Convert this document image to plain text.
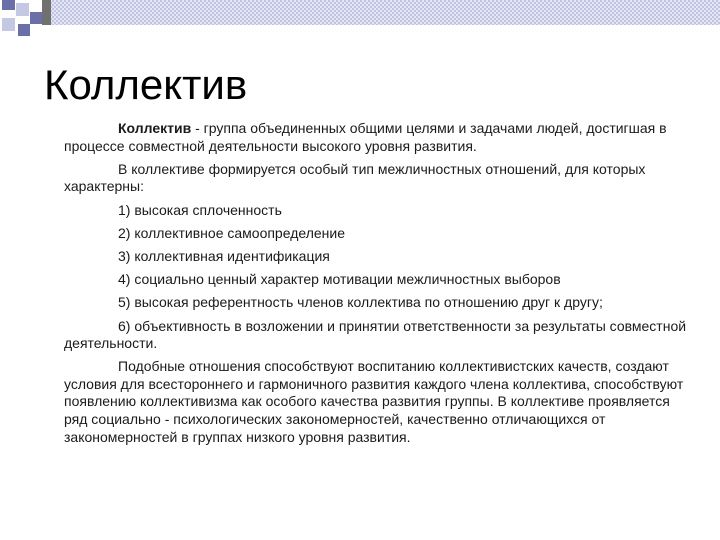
Коллектив

Коллектив - группа объединенных общими целями и задачами людей, достигшая в процессе совместной деятельности высокого уровня развития.

В коллективе формируется особый тип межличностных отношений, для которых характерны:

1) высокая сплоченность

2) коллективное самоопределение

3) коллективная идентификация

4) социально ценный характер мотивации межличностных выборов

5) высокая референтность членов коллектива по отношению друг к другу;

6) объективность в возложении и принятии ответственности за результаты совместной деятельности.

Подобные отношения способствуют воспитанию коллективистских качеств, создают условия для всестороннего и гармоничного развития каждого члена коллектива, способствуют появлению коллективизма как особого качества развития группы. В коллективе проявляется ряд социально - психологических закономерностей, качественно отличающихся от закономерностей в группах низкого уровня развития.
